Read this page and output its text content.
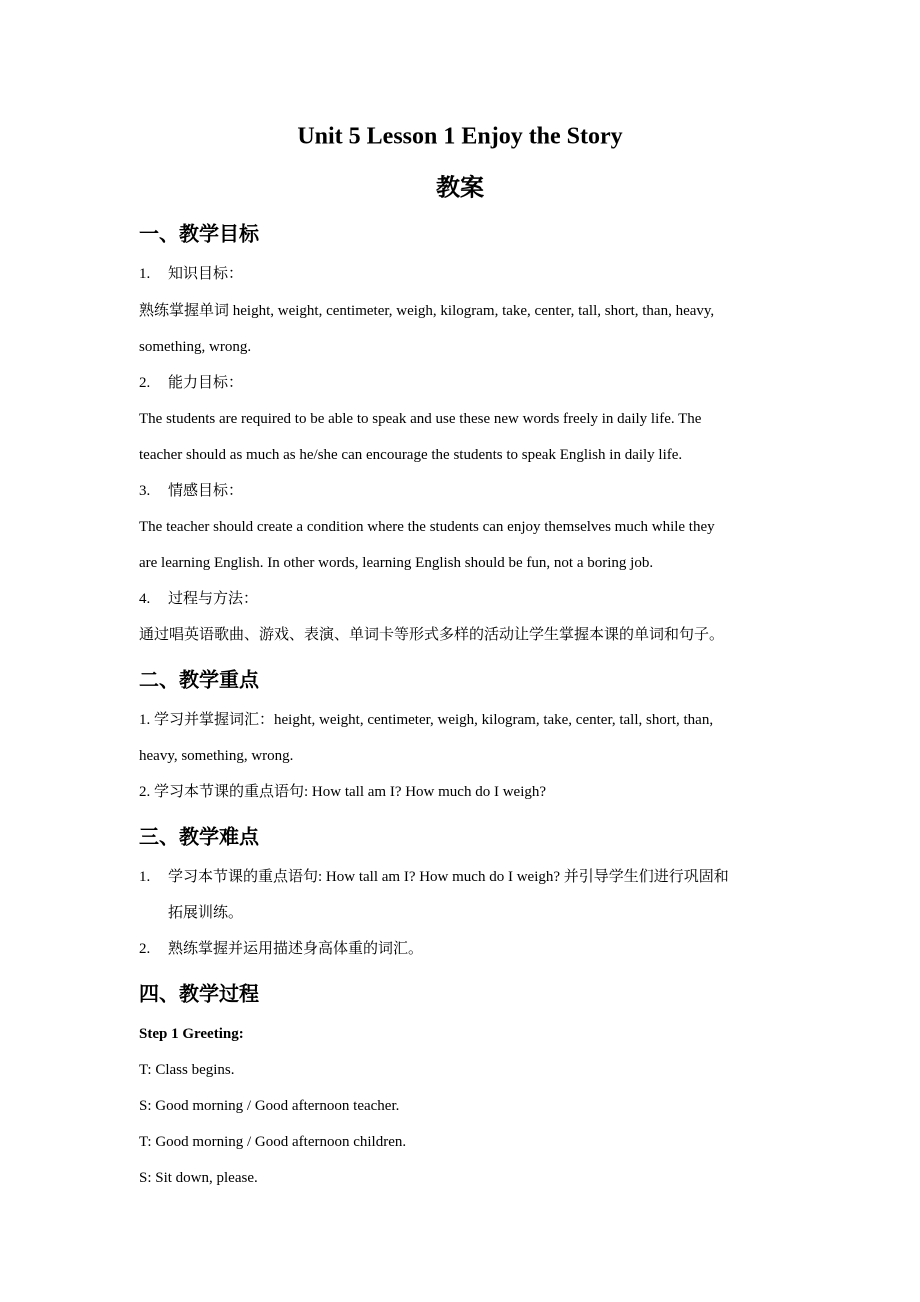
Unit 5 Lesson 1 Enjoy the Story
教案
一、教学目标
1. 知识目标：
熟练掌握单词 height, weight, centimeter, weigh, kilogram, take, center, tall, short, than, heavy,
something, wrong.
2. 能力目标：
The students are required to be able to speak and use these new words freely in daily life. The
teacher should as much as he/she can encourage the students to speak English in daily life.
3. 情感目标：
The teacher should create a condition where the students can enjoy themselves much while they
are learning English. In other words, learning English should be fun, not a boring job.
4. 过程与方法：
通过唱英语歌曲、游戏、表演、单词卡等形式多样的活动让学生掌握本课的单词和句子。
二、教学重点
1. 学习并掌握词汇：height, weight, centimeter, weigh, kilogram, take, center, tall, short, than,
heavy, something, wrong.
2. 学习本节课的重点语句: How tall am I? How much do I weigh?
三、教学难点
1. 学习本节课的重点语句: How tall am I? How much do I weigh? 并引导学生们进行巩固和
拓展训练。
2. 熟练掌握并运用描述身高体重的词汇。
四、教学过程
Step 1 Greeting:
T: Class begins.
S: Good morning / Good afternoon teacher.
T: Good morning / Good afternoon children.
S: Sit down, please.
